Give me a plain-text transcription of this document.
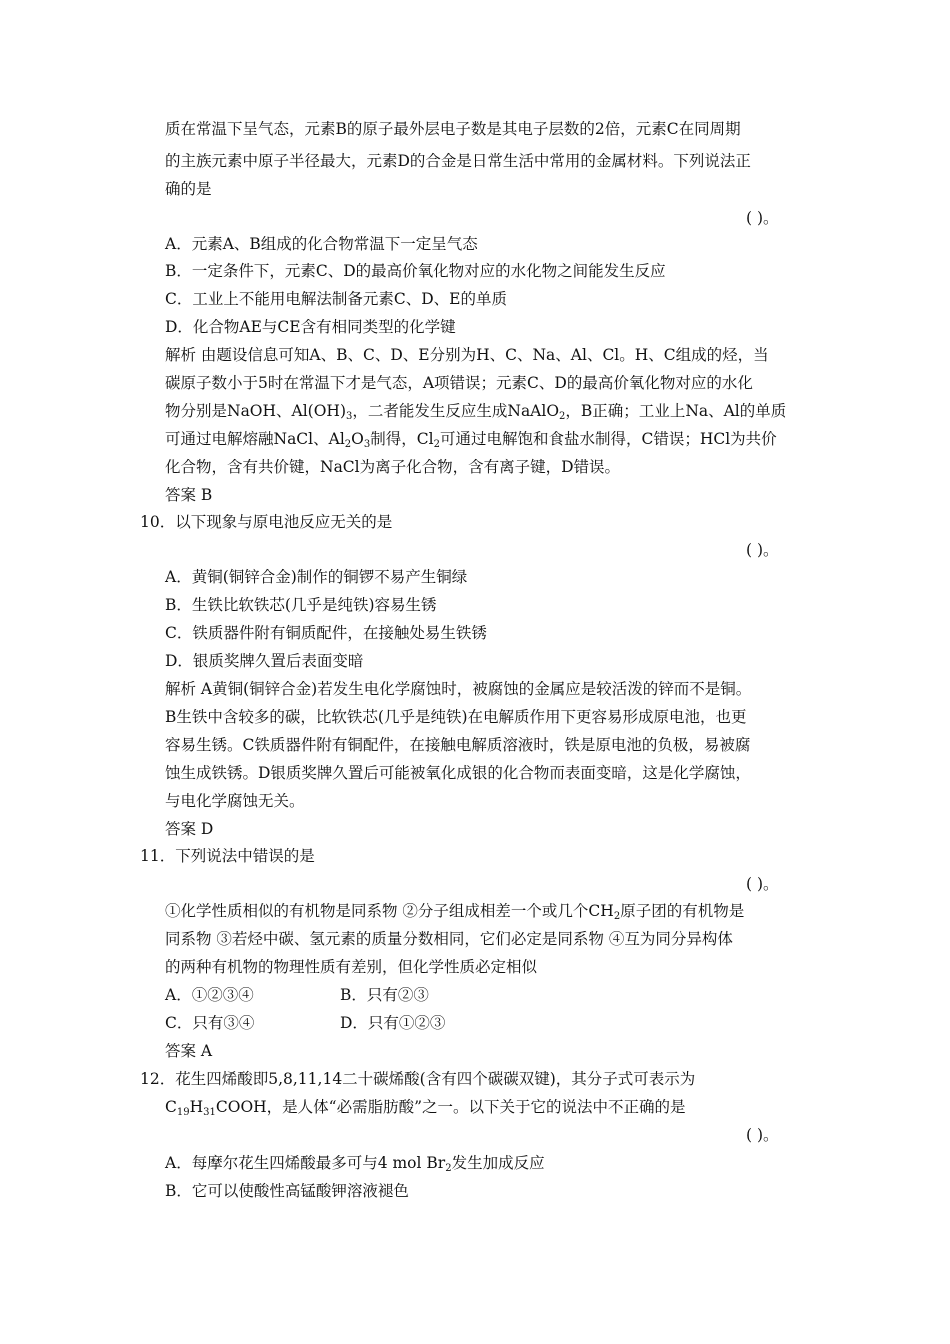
质在常温下呈气态，元素B的原子最外层电子数是其电子层数的2倍，元素C在同周期
的主族元素中原子半径最大，元素D的合金是日常生活中常用的金属材料。下列说法正
确的是
( )。
A．元素A、B组成的化合物常温下一定呈气态
B．一定条件下，元素C、D的最高价氧化物对应的水化物之间能发生反应
C．工业上不能用电解法制备元素C、D、E的单质
D．化合物AE与CE含有相同类型的化学键
解析 由题设信息可知A、B、C、D、E分别为H、C、Na、Al、Cl。H、C组成的烃，当
碳原子数小于5时在常温下才是气态，A项错误；元素C、D的最高价氧化物对应的水化
物分别是NaOH、$Al(OH)_3$，二者能发生反应生成NaAlO$_2$，B正确；工业上Na、Al的单质
可通过电解熔融NaCl、$Al_2O_3$制得，$Cl_2$可通过电解饱和食盐水制得，C错误；HCl为共价
化合物，含有共价键，NaCl为离子化合物，含有离子键，D错误。
答案 B
10．以下现象与原电池反应无关的是
( )。
A．黄铜(铜锌合金)制作的铜锣不易产生铜绿
B．生铁比软铁芯(几乎是纯铁)容易生锈
C．铁质器件附有铜质配件，在接触处易生铁锈
D．银质奖牌久置后表面变暗
解析 A黄铜(铜锌合金)若发生电化学腐蚀时，被腐蚀的金属应是较活泼的锌而不是铜。
B生铁中含较多的碳，比软铁芯(几乎是纯铁)在电解质作用下更容易形成原电池，也更
容易生锈。C铁质器件附有铜配件，在接触电解质溶液时，铁是原电池的负极，易被腐
蚀生成铁锈。D银质奖牌久置后可能被氧化成银的化合物而表面变暗，这是化学腐蚀，
与电化学腐蚀无关。
答案 D
11．下列说法中错误的是
( )。
①化学性质相似的有机物是同系物 ②分子组成相差一个或几个$CH_2$原子团的有机物是
同系物 ③若烃中碳、氢元素的质量分数相同，它们必定是同系物 ④互为同分异构体
的两种有机物的物理性质有差别，但化学性质必定相似
A．①②③④	B．只有②③
C．只有③④	D．只有①②③
答案 A
12．花生四烯酸即5,8,11,14二十碳烯酸(含有四个碳碳双键)，其分子式可表示为
$C_{19}H_{31}COOH$，是人体“必需脂肪酸”之一。以下关于它的说法中不正确的是
( )。
A．每摩尔花生四烯酸最多可与4 mol $Br_2$发生加成反应
B．它可以使酸性高锰酸钾溶液褪色
